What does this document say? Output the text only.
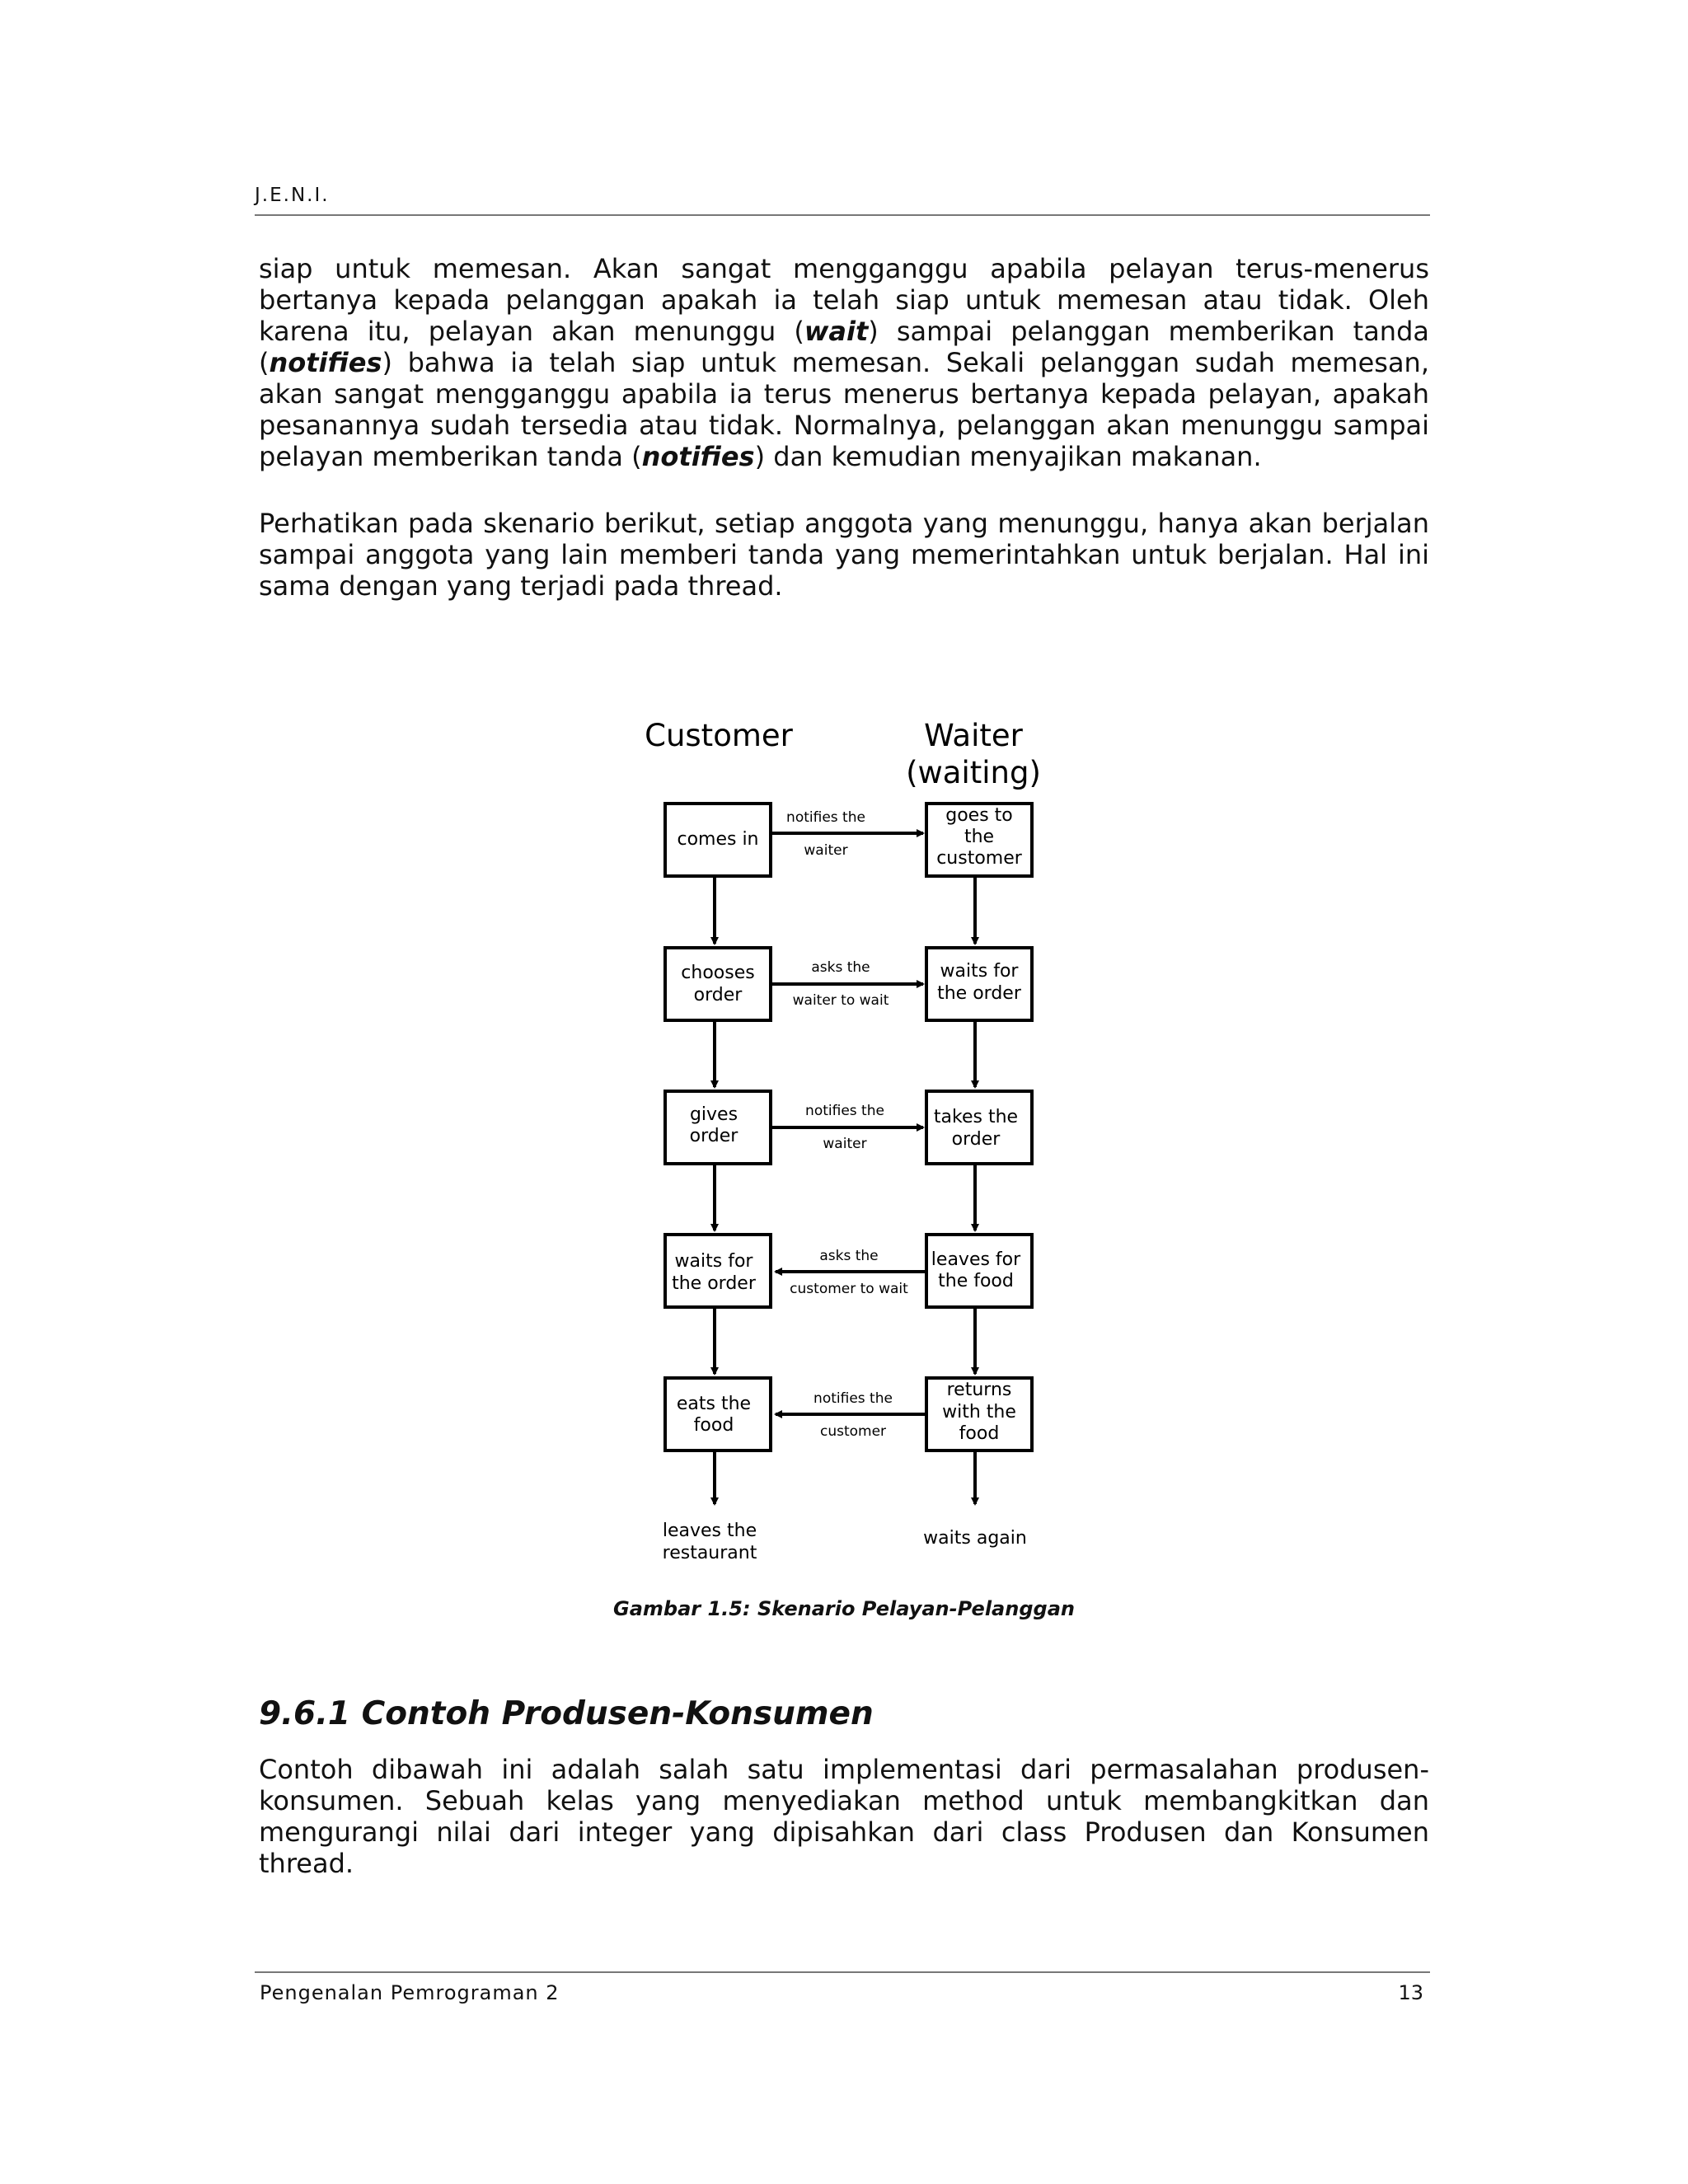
J.E.N.I.

siap untuk memesan. Akan sangat mengganggu apabila pelayan terus-menerus bertanya kepada pelanggan apakah ia telah siap untuk memesan atau tidak. Oleh karena itu, pelayan akan menunggu (wait) sampai pelanggan memberikan tanda (notifies) bahwa ia telah siap untuk memesan. Sekali pelanggan sudah memesan, akan sangat mengganggu apabila ia terus menerus bertanya kepada pelayan, apakah pesanannya sudah tersedia atau tidak. Normalnya, pelanggan akan menunggu sampai pelayan memberikan tanda (notifies) dan kemudian menyajikan makanan.

Perhatikan pada skenario berikut, setiap anggota yang menunggu, hanya akan berjalan sampai anggota yang lain memberi tanda yang memerintahkan untuk berjalan. Hal ini sama dengan yang terjadi pada thread.

Customer	Waiter
(waiting)
comes in
goes to
the
customer
notifies the
waiter
chooses
order
waits for
the order
asks the
waiter to wait
gives
order
takes the
order
notifies the
waiter
waits for
the order
leaves for
the food
asks the
customer to wait
eats the
food
returns
with the
food
notifies the
customer
leaves the
restaurant
waits again
Gambar 1.5: Skenario Pelayan-Pelanggan
9.6.1 Contoh Produsen-Konsumen

Contoh dibawah ini adalah salah satu implementasi dari permasalahan produsen-konsumen. Sebuah kelas yang menyediakan method untuk membangkitkan dan mengurangi nilai dari integer yang dipisahkan dari class Produsen dan Konsumen thread.

Pengenalan Pemrograman 2	13
